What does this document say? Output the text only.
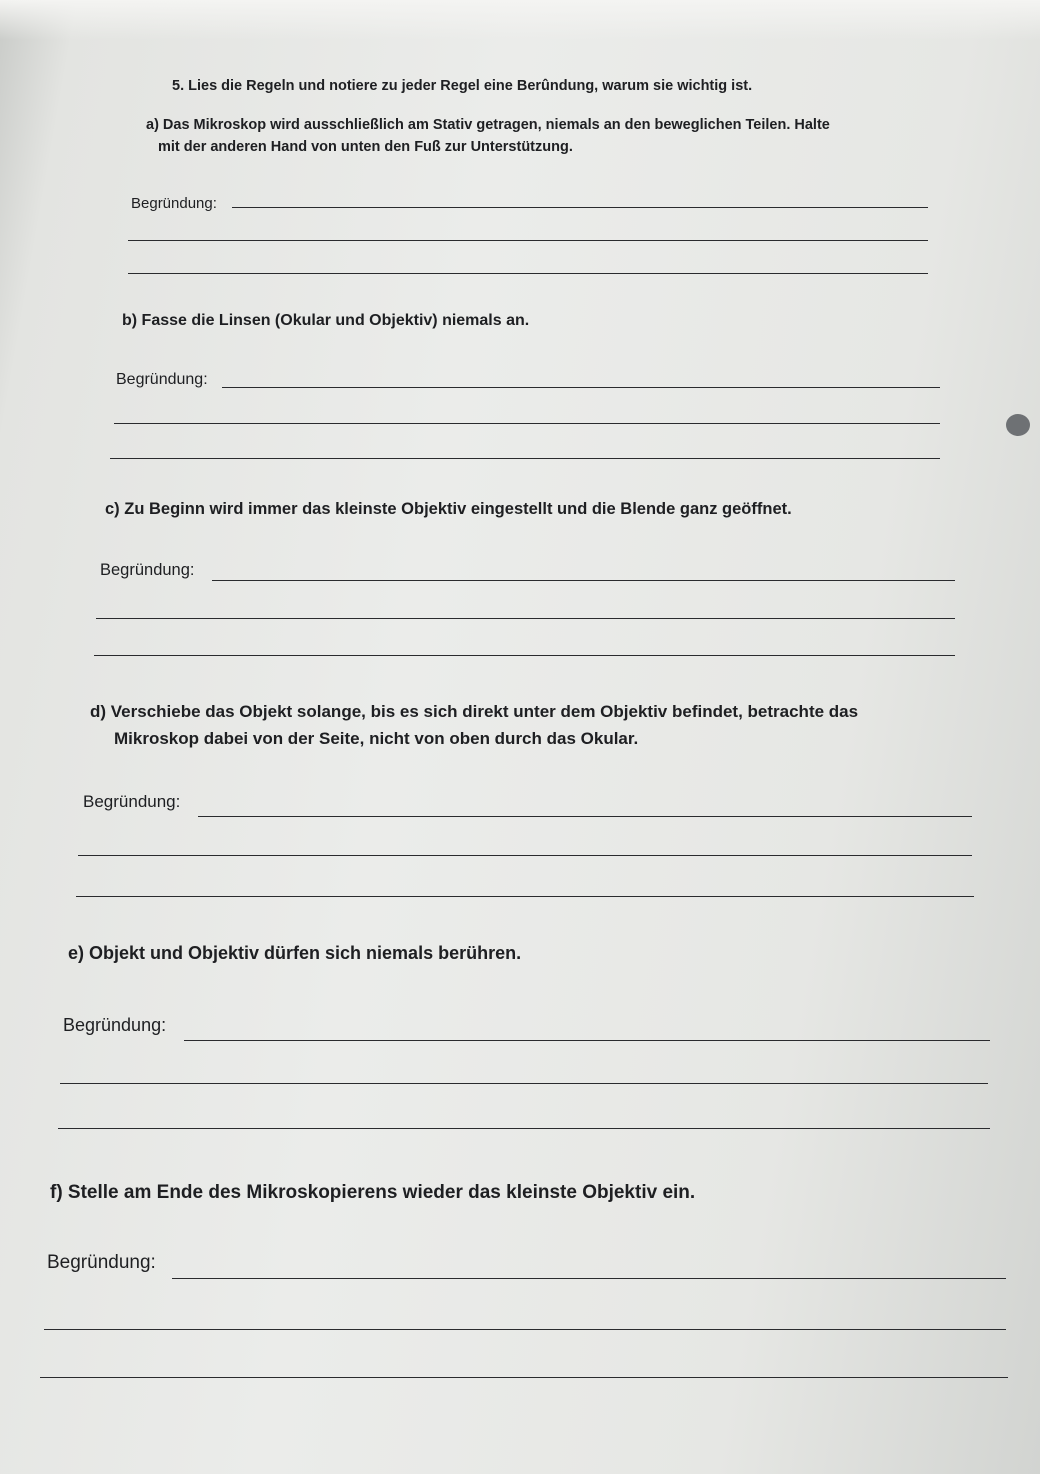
5. Lies die Regeln und notiere zu jeder Regel eine Berûndung, warum sie wichtig ist.
a) Das Mikroskop wird ausschließlich am Stativ getragen, niemals an den beweglichen Teilen. Halte
mit der anderen Hand von unten den Fuß zur Unterstützung.
Begründung:
b) Fasse die Linsen (Okular und Objektiv) niemals an.
Begründung:
c) Zu Beginn wird immer das kleinste Objektiv eingestellt und die Blende ganz geöffnet.
Begründung:
d) Verschiebe das Objekt solange, bis es sich direkt unter dem Objektiv befindet, betrachte das
Mikroskop dabei von der Seite, nicht von oben durch das Okular.
Begründung:
e) Objekt und Objektiv dürfen sich niemals berühren.
Begründung:
f) Stelle am Ende des Mikroskopierens wieder das kleinste Objektiv ein.
Begründung:
